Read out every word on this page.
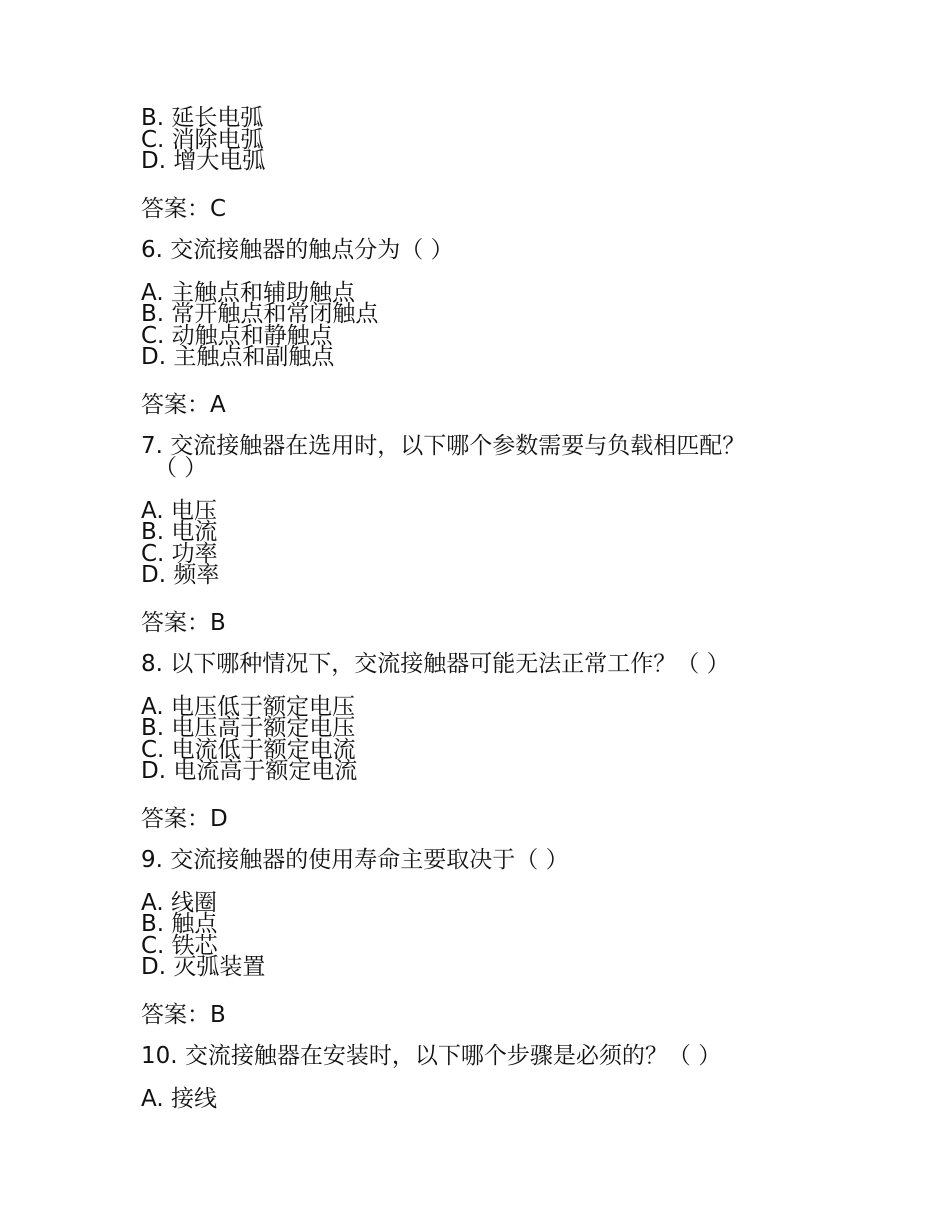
B. 延长电弧
C. 消除电弧
D. 增大电弧
答案：C
6. 交流接触器的触点分为（ ）
A. 主触点和辅助触点
B. 常开触点和常闭触点
C. 动触点和静触点
D. 主触点和副触点
答案：A
7. 交流接触器在选用时，以下哪个参数需要与负载相匹配？
（ ）
A. 电压
B. 电流
C. 功率
D. 频率
答案：B
8. 以下哪种情况下，交流接触器可能无法正常工作？（ ）
A. 电压低于额定电压
B. 电压高于额定电压
C. 电流低于额定电流
D. 电流高于额定电流
答案：D
9. 交流接触器的使用寿命主要取决于（ ）
A. 线圈
B. 触点
C. 铁芯
D. 灭弧装置
答案：B
10. 交流接触器在安装时，以下哪个步骤是必须的？（ ）
A. 接线
